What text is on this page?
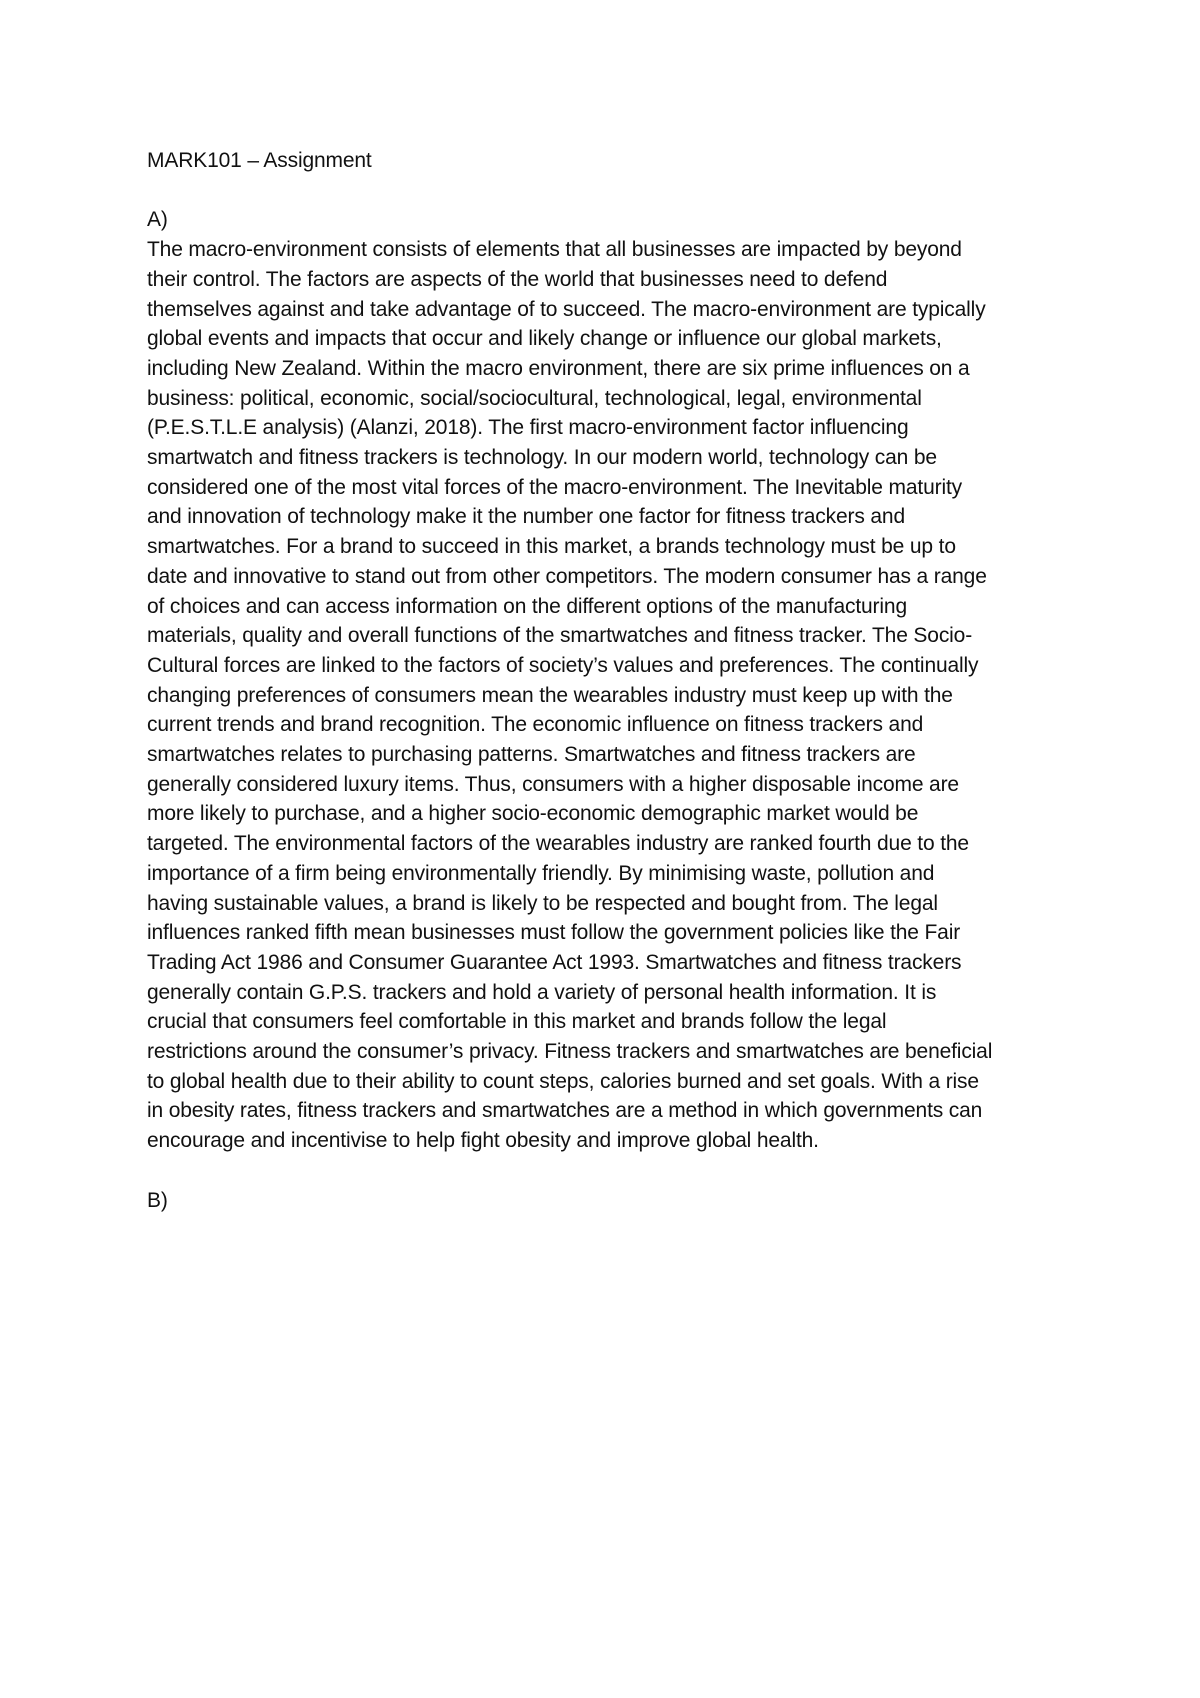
MARK101 – Assignment
A)
The macro-environment consists of elements that all businesses are impacted by beyond
their control. The factors are aspects of the world that businesses need to defend
themselves against and take advantage of to succeed. The macro-environment are typically
global events and impacts that occur and likely change or influence our global markets,
including New Zealand. Within the macro environment, there are six prime influences on a
business: political, economic, social/sociocultural, technological, legal, environmental
(P.E.S.T.L.E analysis) (Alanzi, 2018). The first macro-environment factor influencing
smartwatch and fitness trackers is technology. In our modern world, technology can be
considered one of the most vital forces of the macro-environment. The Inevitable maturity
and innovation of technology make it the number one factor for fitness trackers and
smartwatches. For a brand to succeed in this market, a brands technology must be up to
date and innovative to stand out from other competitors. The modern consumer has a range
of choices and can access information on the different options of the manufacturing
materials, quality and overall functions of the smartwatches and fitness tracker. The Socio-
Cultural forces are linked to the factors of society’s values and preferences. The continually
changing preferences of consumers mean the wearables industry must keep up with the
current trends and brand recognition. The economic influence on fitness trackers and
smartwatches relates to purchasing patterns. Smartwatches and fitness trackers are
generally considered luxury items. Thus, consumers with a higher disposable income are
more likely to purchase, and a higher socio-economic demographic market would be
targeted. The environmental factors of the wearables industry are ranked fourth due to the
importance of a firm being environmentally friendly. By minimising waste, pollution and
having sustainable values, a brand is likely to be respected and bought from. The legal
influences ranked fifth mean businesses must follow the government policies like the Fair
Trading Act 1986 and Consumer Guarantee Act 1993. Smartwatches and fitness trackers
generally contain G.P.S. trackers and hold a variety of personal health information. It is
crucial that consumers feel comfortable in this market and brands follow the legal
restrictions around the consumer’s privacy. Fitness trackers and smartwatches are beneficial
to global health due to their ability to count steps, calories burned and set goals. With a rise
in obesity rates, fitness trackers and smartwatches are a method in which governments can
encourage and incentivise to help fight obesity and improve global health.
B)
